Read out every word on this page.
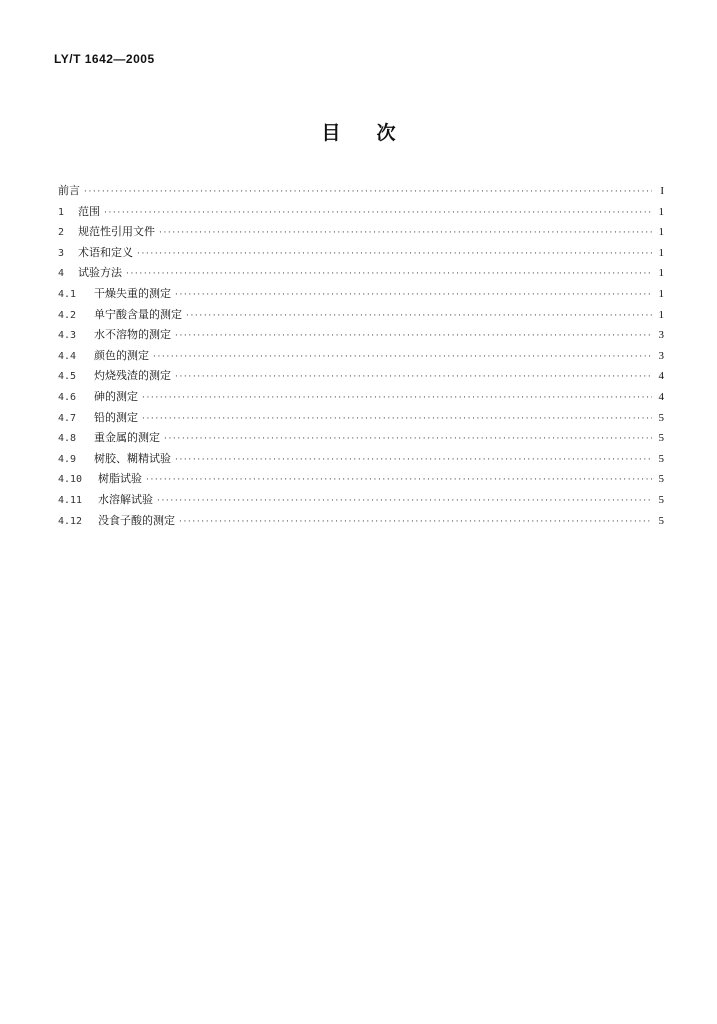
LY/T 1642—2005
目次
前言 ·····	I
1	范围 ·····	1
2	规范性引用文件 ·····	1
3	术语和定义 ·····	1
4	试验方法 ·····	1
4.1	干燥失重的测定 ·····	1
4.2	单宁酸含量的测定 ·····	1
4.3	水不溶物的测定 ·····	3
4.4	颜色的测定 ·····	3
4.5	灼烧残渣的测定 ·····	4
4.6	砷的测定 ·····	4
4.7	铅的测定 ·····	5
4.8	重金属的测定 ·····	5
4.9	树胶、糊精试验 ·····	5
4.10	树脂试验 ·····	5
4.11	水溶解试验 ·····	5
4.12	没食子酸的测定 ·····	5
